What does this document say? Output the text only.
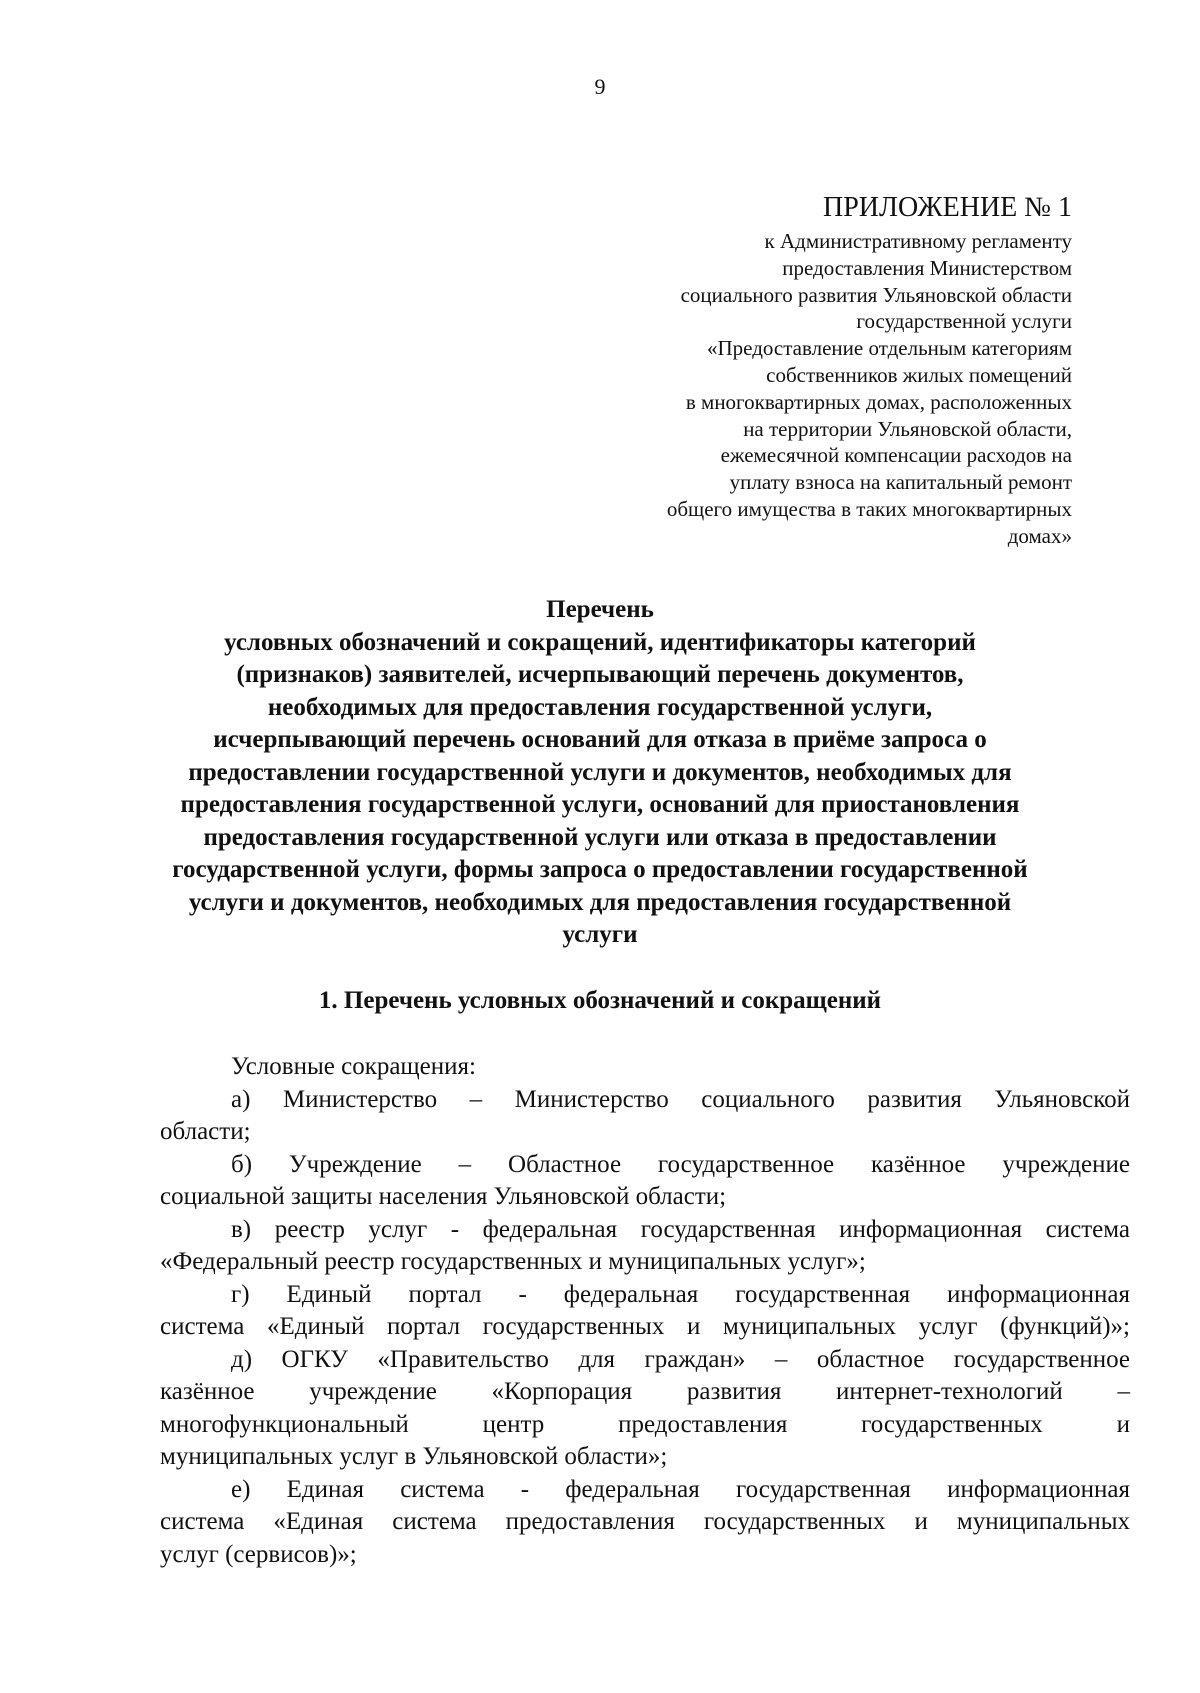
9
ПРИЛОЖЕНИЕ № 1
к Административному регламенту
предоставления Министерством
социального развития Ульяновской области
государственной услуги
«Предоставление отдельным категориям
собственников жилых помещений
в многоквартирных домах, расположенных
на территории Ульяновской области,
ежемесячной компенсации расходов на
уплату взноса на капитальный ремонт
общего имущества в таких многоквартирных
домах»
Перечень
условных обозначений и сокращений, идентификаторы категорий
(признаков) заявителей, исчерпывающий перечень документов,
необходимых для предоставления государственной услуги,
исчерпывающий перечень оснований для отказа в приёме запроса о
предоставлении государственной услуги и документов, необходимых для
предоставления государственной услуги, оснований для приостановления
предоставления государственной услуги или отказа в предоставлении
государственной услуги, формы запроса о предоставлении государственной
услуги и документов, необходимых для предоставления государственной
услуги
1. Перечень условных обозначений и сокращений
Условные сокращения:
а) Министерство – Министерство социального развития Ульяновской
области;
б) Учреждение – Областное государственное казённое учреждение
социальной защиты населения Ульяновской области;
в) реестр услуг - федеральная государственная информационная система
«Федеральный реестр государственных и муниципальных услуг»;
г) Единый портал - федеральная государственная информационная
система «Единый портал государственных и муниципальных услуг (функций)»;
д) ОГКУ «Правительство для граждан» – областное государственное
казённое учреждение «Корпорация развития интернет-технологий –
многофункциональный центр предоставления государственных и
муниципальных услуг в Ульяновской области»;
е) Единая система - федеральная государственная информационная
система «Единая система предоставления государственных и муниципальных
услуг (сервисов)»;
